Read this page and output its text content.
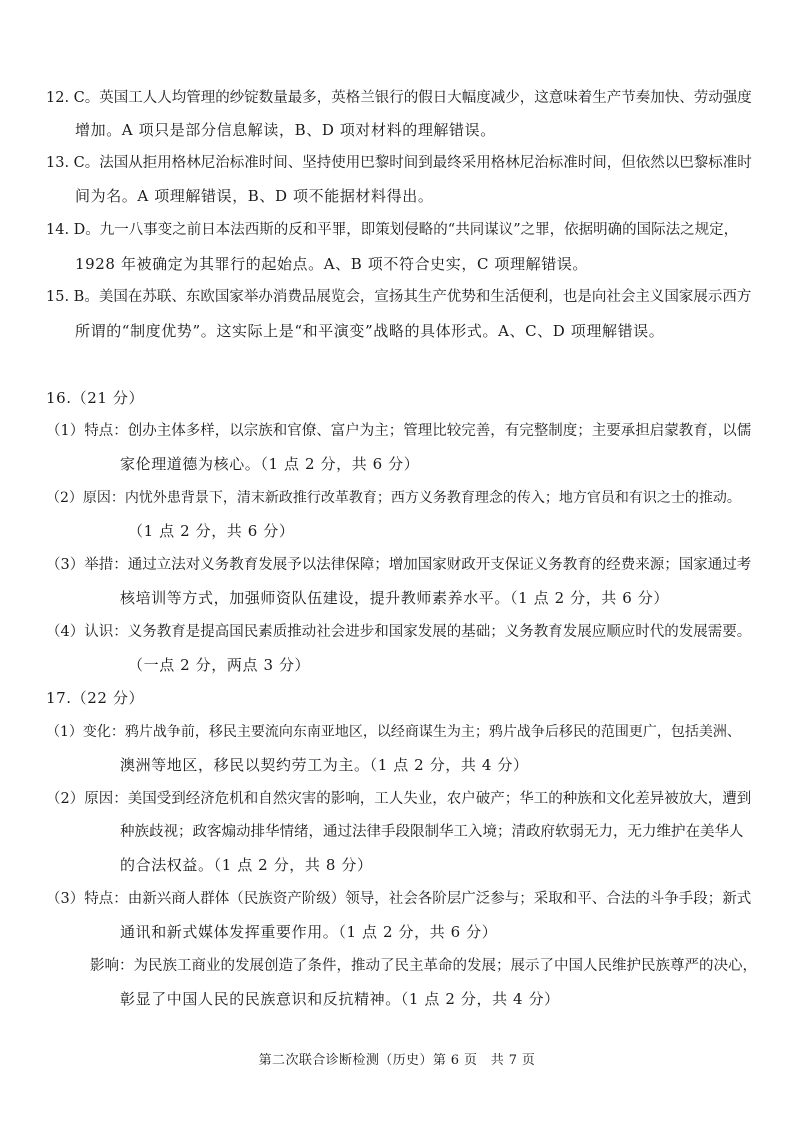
12. C。英国工人人均管理的纱锭数量最多，英格兰银行的假日大幅度减少，这意味着生产节奏加快、劳动强度
增加。A 项只是部分信息解读，B、D 项对材料的理解错误。
13. C。法国从拒用格林尼治标准时间、坚持使用巴黎时间到最终采用格林尼治标准时间，但依然以巴黎标准时
间为名。A 项理解错误，B、D 项不能据材料得出。
14. D。九一八事变之前日本法西斯的反和平罪，即策划侵略的“共同谋议”之罪，依据明确的国际法之规定，
1928 年被确定为其罪行的起始点。A、B 项不符合史实，C 项理解错误。
15. B。美国在苏联、东欧国家举办消费品展览会，宣扬其生产优势和生活便利，也是向社会主义国家展示西方
所谓的“制度优势”。这实际上是“和平演变”战略的具体形式。A、C、D 项理解错误。
16.（21 分）
（1）特点：创办主体多样，以宗族和官僚、富户为主；管理比较完善，有完整制度；主要承担启蒙教育，以儒
家伦理道德为核心。（1 点 2 分，共 6 分）
（2）原因：内忧外患背景下，清末新政推行改革教育；西方义务教育理念的传入；地方官员和有识之士的推动。
（1 点 2 分，共 6 分）
（3）举措：通过立法对义务教育发展予以法律保障；增加国家财政开支保证义务教育的经费来源；国家通过考
核培训等方式，加强师资队伍建设，提升教师素养水平。（1 点 2 分，共 6 分）
（4）认识：义务教育是提高国民素质推动社会进步和国家发展的基础；义务教育发展应顺应时代的发展需要。
（一点 2 分，两点 3 分）
17.（22 分）
（1）变化：鸦片战争前，移民主要流向东南亚地区，以经商谋生为主；鸦片战争后移民的范围更广，包括美洲、
澳洲等地区，移民以契约劳工为主。（1 点 2 分，共 4 分）
（2）原因：美国受到经济危机和自然灾害的影响，工人失业，农户破产；华工的种族和文化差异被放大，遭到
种族歧视；政客煽动排华情绪，通过法律手段限制华工入境；清政府软弱无力，无力维护在美华人
的合法权益。（1 点 2 分，共 8 分）
（3）特点：由新兴商人群体（民族资产阶级）领导，社会各阶层广泛参与；采取和平、合法的斗争手段；新式
通讯和新式媒体发挥重要作用。（1 点 2 分，共 6 分）
影响：为民族工商业的发展创造了条件，推动了民主革命的发展；展示了中国人民维护民族尊严的决心，
彰显了中国人民的民族意识和反抗精神。（1 点 2 分，共 4 分）
第二次联合诊断检测（历史）第 6 页　共 7 页
